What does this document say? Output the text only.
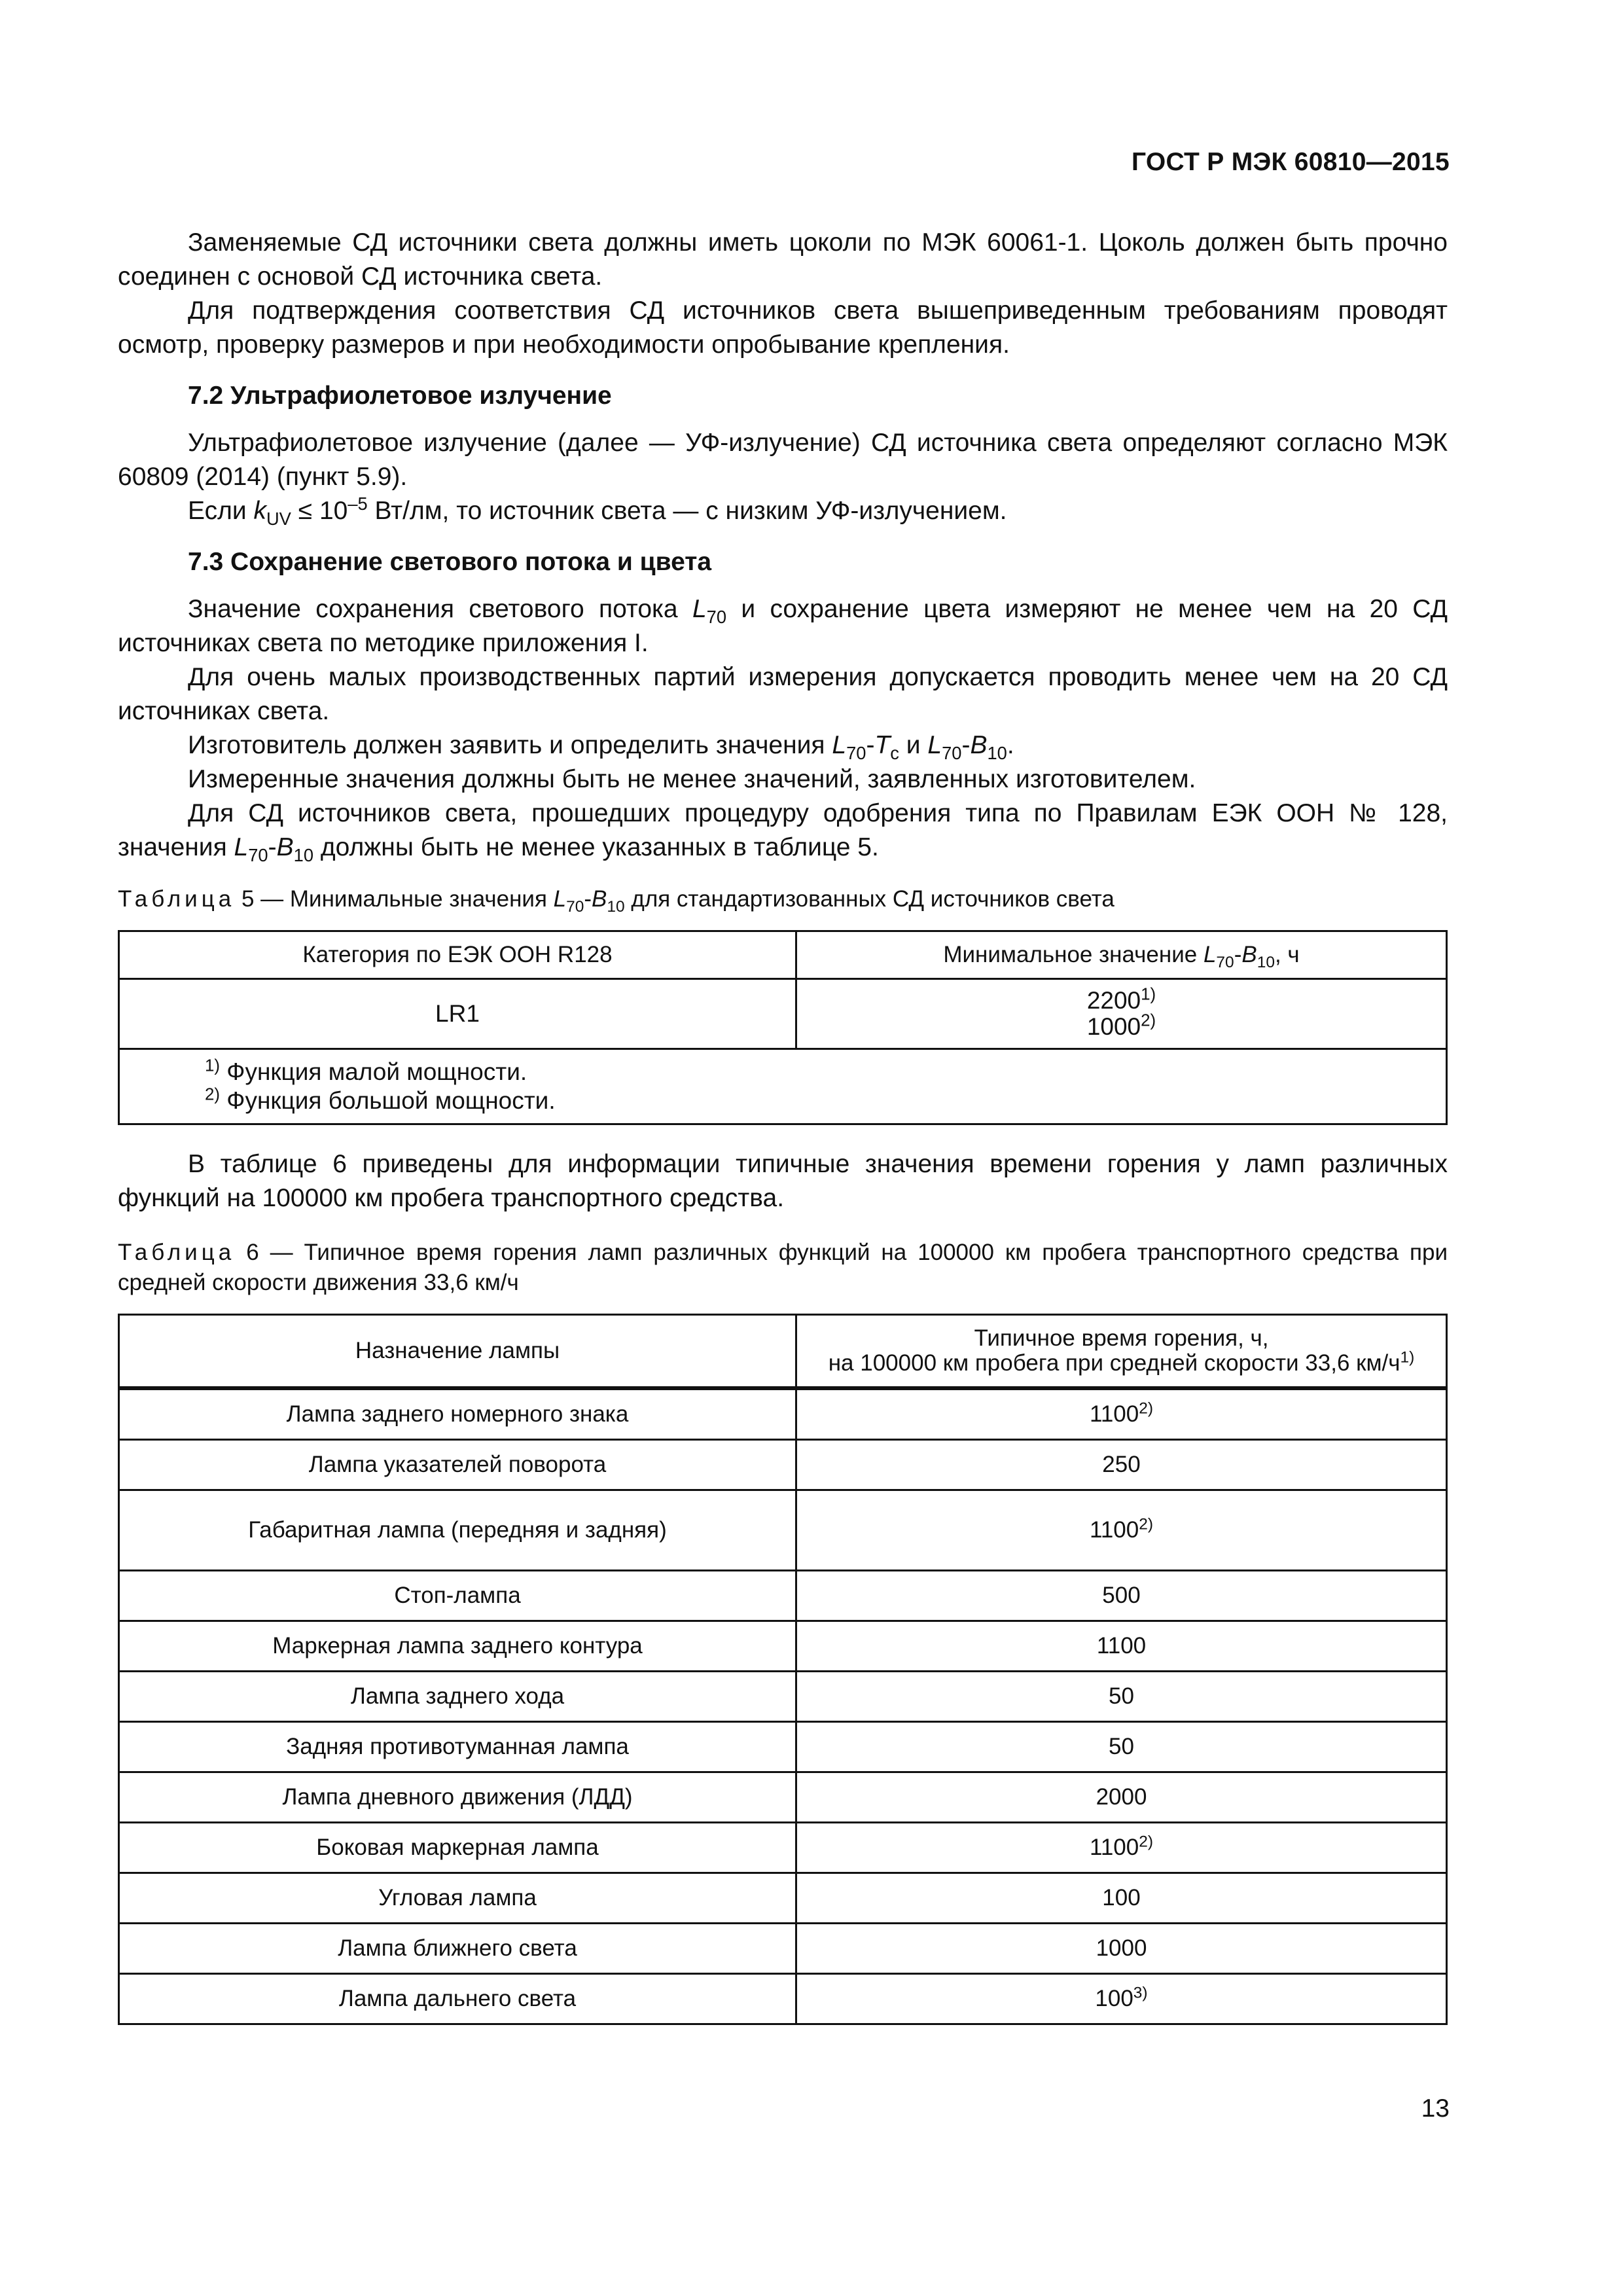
ГОСТ Р МЭК 60810—2015

Заменяемые СД источники света должны иметь цоколи по МЭК 60061-1. Цоколь должен быть прочно соединен с основой СД источника света.

Для подтверждения соответствия СД источников света вышеприведенным требованиям проводят осмотр, проверку размеров и при необходимости опробывание крепления.

7.2 Ультрафиолетовое излучение

Ультрафиолетовое излучение (далее — УФ-излучение) СД источника света определяют согласно МЭК 60809 (2014) (пункт 5.9).

Если $k_{UV} \le 10^{-5}$ Вт/лм, то источник света — с низким УФ-излучением.

7.3 Сохранение светового потока и цвета

Значение сохранения светового потока $L_{70}$ и сохранение цвета измеряют не менее чем на 20 СД источниках света по методике приложения I.

Для очень малых производственных партий измерения допускается проводить менее чем на 20 СД источниках света.

Изготовитель должен заявить и определить значения $L_{70}-T_c$ и $L_{70}-B_{10}$.

Измеренные значения должны быть не менее значений, заявленных изготовителем.

Для СД источников света, прошедших процедуру одобрения типа по Правилам ЕЭК ООН № 128, значения $L_{70}-B_{10}$ должны быть не менее указанных в таблице 5.

Таблица 5 — Минимальные значения $L_{70}-B_{10}$ для стандартизованных СД источников света

Категория по ЕЭК ООН R128	Минимальное значение $L_{70}-B_{10}$, ч
LR1	2200$^{1)}$
1000$^{2)}$

$^{1)}$ Функция малой мощности.
$^{2)}$ Функция большой мощности.	

В таблице 6 приведены для информации типичные значения времени горения у ламп различных функций на 100000 км пробега транспортного средства.

Таблица 6 — Типичное время горения ламп различных функций на 100000 км пробега транспортного средства при средней скорости движения 33,6 км/ч

Назначение лампы	Типичное время горения, ч,
на 100000 км пробега при средней скорости 33,6 $км/ч^{1)}$

Лампа заднего номерного знака	1100$^{2)}$
Лампа указателей поворота	250
Габаритная лампа (передняя и задняя)	1100$^{2)}$
Стоп-лампа	500
Маркерная лампа заднего контура	1100
Лампа заднего хода	50
Задняя противотуманная лампа	50
Лампа дневного движения (ЛДД)	2000
Боковая маркерная лампа	1100$^{2)}$
Угловая лампа	100
Лампа ближнего света	1000
Лампа дальнего света	100$^{3)}$
13
